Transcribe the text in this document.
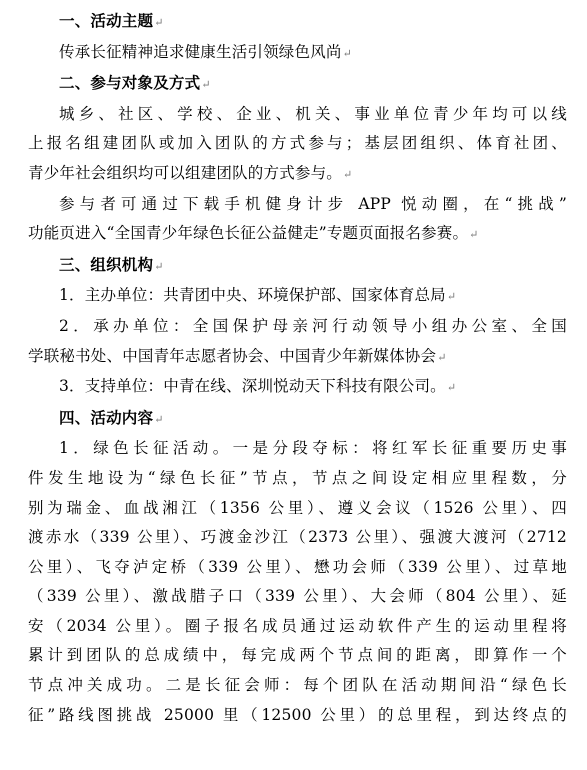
一、活动主题↵
传承长征精神追求健康生活引领绿色风尚↵
二、参与对象及方式↵
城乡、社区、学校、企业、机关、事业单位青少年均可以线
上报名组建团队或加入团队的方式参与；基层团组织、体育社团、
青少年社会组织均可以组建团队的方式参与。↵
参与者可通过下载手机健身计步 APP 悦动圈，在“挑战”
功能页进入“全国青少年绿色长征公益健走”专题页面报名参赛。↵
三、组织机构↵
1．主办单位：共青团中央、环境保护部、国家体育总局↵
2．承办单位：全国保护母亲河行动领导小组办公室、全国
学联秘书处、中国青年志愿者协会、中国青少年新媒体协会↵
3．支持单位：中青在线、深圳悦动天下科技有限公司。↵
四、活动内容↵
1．绿色长征活动。一是分段夺标：将红军长征重要历史事
件发生地设为“绿色长征”节点，节点之间设定相应里程数，分
别为瑞金、血战湘江（1356 公里）、遵义会议（1526 公里）、四
渡赤水（339 公里）、巧渡金沙江（2373 公里）、强渡大渡河（2712
公里）、飞夺泸定桥（339 公里）、懋功会师（339 公里）、过草地
（339 公里）、激战腊子口（339 公里）、大会师（804 公里）、延
安（2034 公里）。圈子报名成员通过运动软件产生的运动里程将
累计到团队的总成绩中，每完成两个节点间的距离，即算作一个
节点冲关成功。二是长征会师：每个团队在活动期间沿“绿色长
征”路线图挑战 25000 里（12500 公里）的总里程，到达终点的
